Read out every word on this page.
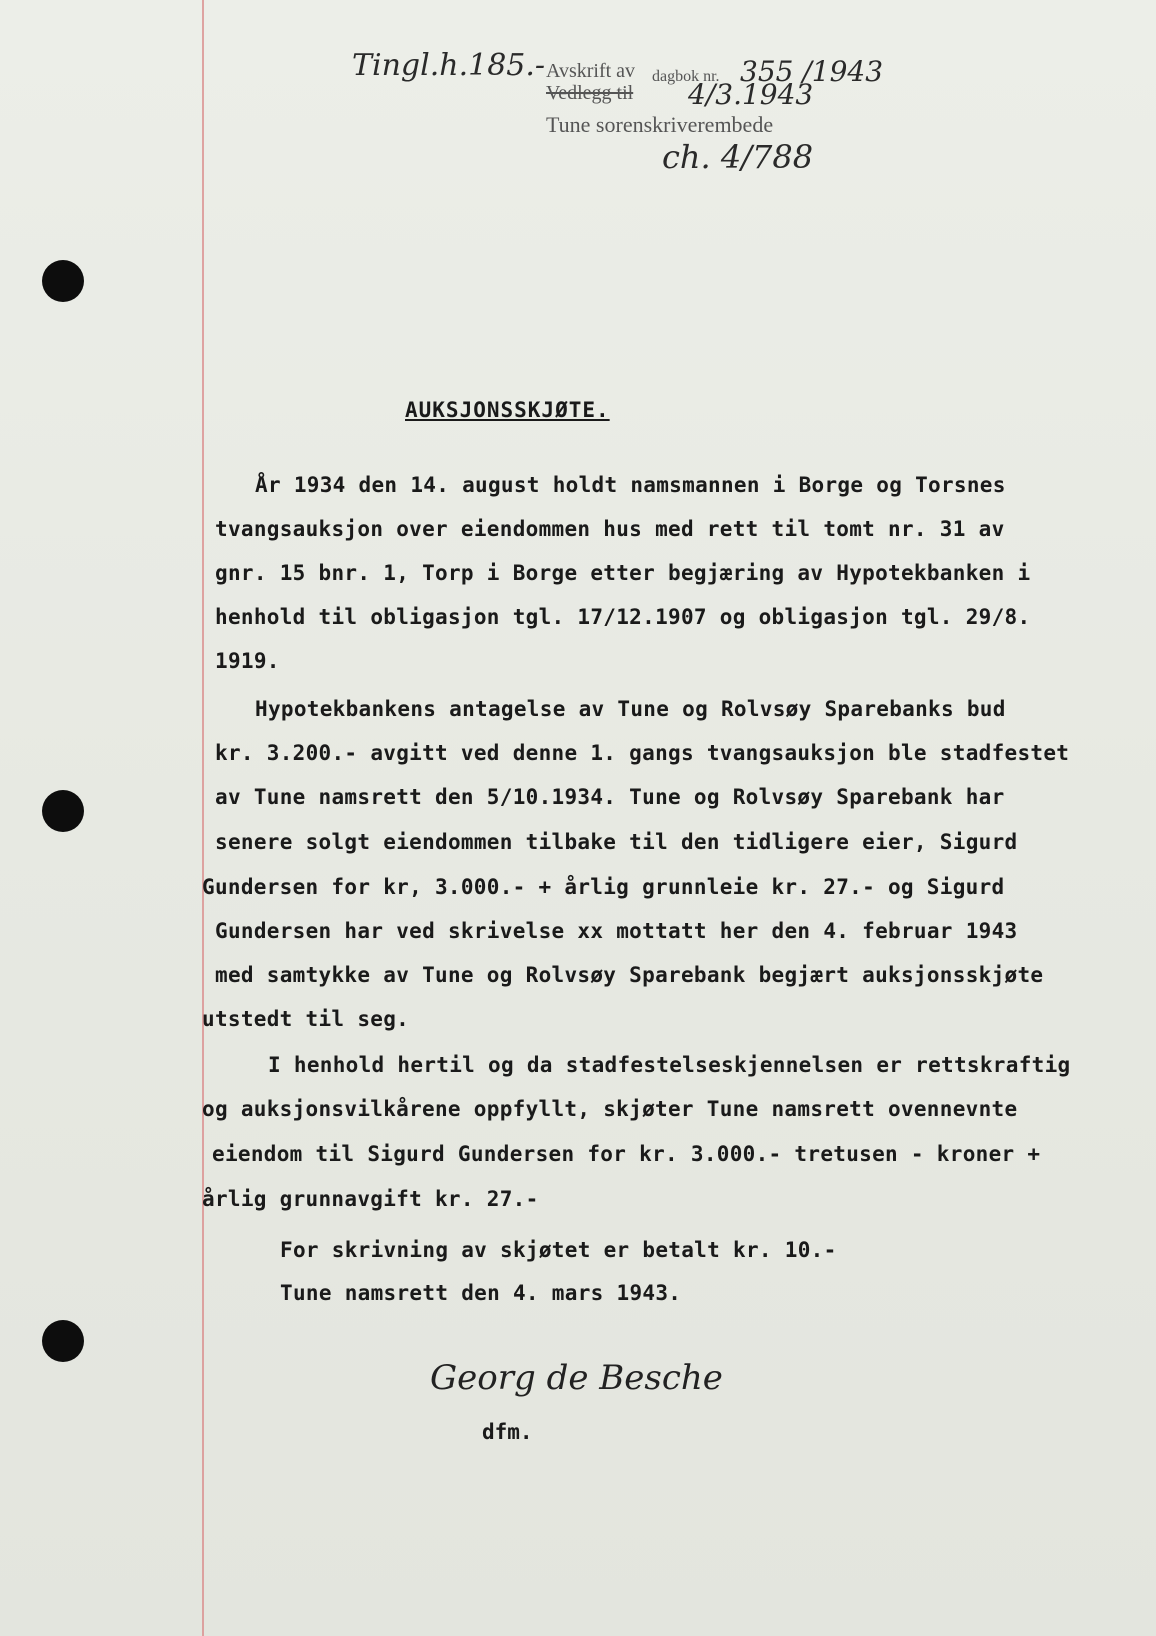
Tingl.h.185.- Avskrift av
Vedlegg til
dagbok nr. 355 /1943
4/3.1943
Tune sorenskriverembede
ch. 4/788
AUKSJONSSKJØTE.
År 1934 den 14. august holdt namsmannen i Borge og Torsnes
tvangsauksjon over eiendommen hus med rett til tomt nr. 31 av
gnr. 15 bnr. 1, Torp i Borge etter begjæring av Hypotekbanken i
henhold til obligasjon tgl. 17/12.1907 og obligasjon tgl. 29/8.
1919.
Hypotekbankens antagelse av Tune og Rolvsøy Sparebanks bud
kr. 3.200.- avgitt ved denne 1. gangs tvangsauksjon ble stadfestet
av Tune namsrett den 5/10.1934. Tune og Rolvsøy Sparebank har
senere solgt eiendommen tilbake til den tidligere eier, Sigurd
Gundersen for kr, 3.000.- + årlig grunnleie kr. 27.- og Sigurd
Gundersen har ved skrivelse xx mottatt her den 4. februar 1943
med samtykke av Tune og Rolvsøy Sparebank begjært auksjonsskjøte
utstedt til seg.
I henhold hertil og da stadfestelseskjennelsen er rettskraftig
og auksjonsvilkårene oppfyllt, skjøter Tune namsrett ovennevnte
eiendom til Sigurd Gundersen for kr. 3.000.- tretusen - kroner +
årlig grunnavgift kr. 27.-
For skrivning av skjøtet er betalt kr. 10.-
Tune namsrett den 4. mars 1943.
Georg de Besche
dfm.
